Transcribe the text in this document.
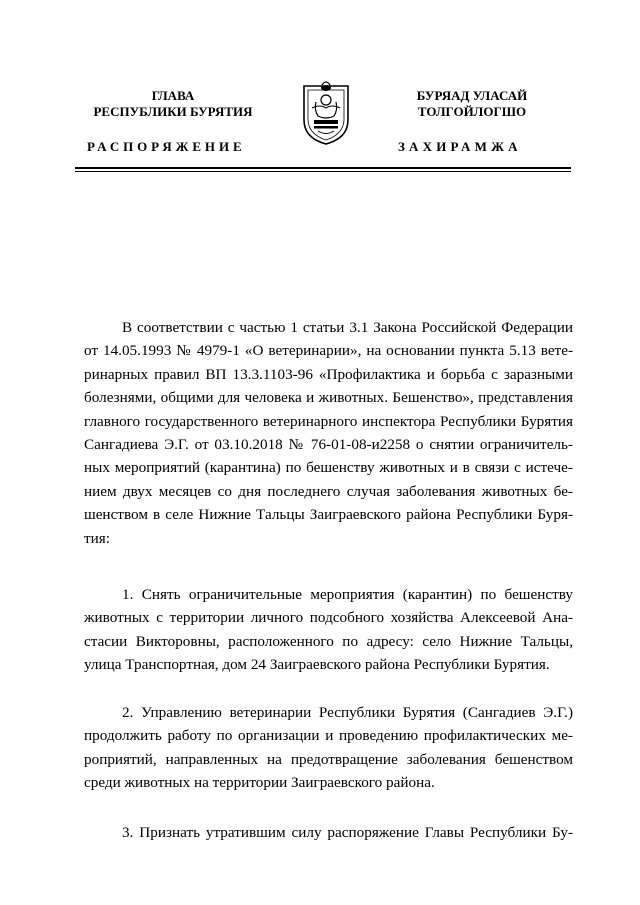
ГЛАВА
РЕСПУБЛИКИ БУРЯТИЯ
БУРЯАД УЛАСАЙ
ТОЛГОЙЛОГШО
РАСПОРЯЖЕНИЕ	ЗАХИРАМЖА
В соответствии с частью 1 статьи 3.1 Закона Российской Федерации
от 14.05.1993 № 4979-1 «О ветеринарии», на основании пункта 5.13 вете-
ринарных правил ВП 13.3.1103-96 «Профилактика и борьба с заразными
болезнями, общими для человека и животных. Бешенство», представления
главного государственного ветеринарного инспектора Республики Бурятия
Сангадиева Э.Г. от 03.10.2018 № 76-01-08-и2258 о снятии ограничитель-
ных мероприятий (карантина) по бешенству животных и в связи с истече-
нием двух месяцев со дня последнего случая заболевания животных бе-
шенством в селе Нижние Тальцы Заиграевского района Республики Буря-
тия:
1. Снять ограничительные мероприятия (карантин) по бешенству
животных с территории личного подсобного хозяйства Алексеевой Ана-
стасии Викторовны, расположенного по адресу: село Нижние Тальцы,
улица Транспортная, дом 24 Заиграевского района Республики Бурятия.
2. Управлению ветеринарии Республики Бурятия (Сангадиев Э.Г.)
продолжить работу по организации и проведению профилактических ме-
роприятий, направленных на предотвращение заболевания бешенством
среди животных на территории Заиграевского района.
3. Признать утратившим силу распоряжение Главы Республики Бу-
